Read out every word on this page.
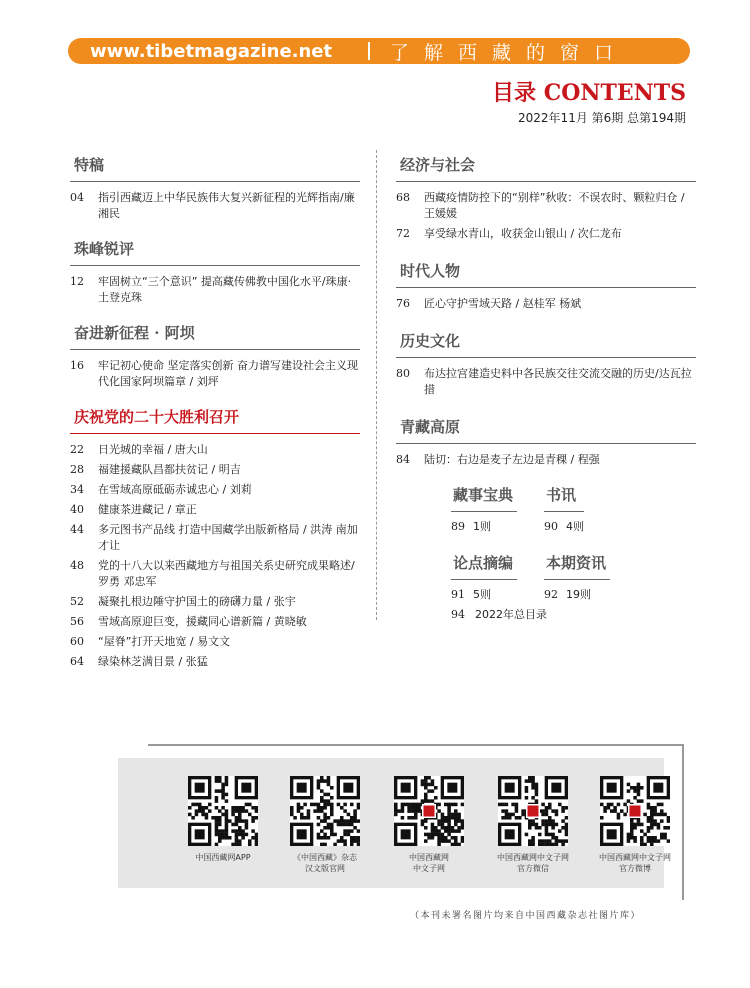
www.tibetmagazine.net	了解西藏的窗口
目录 CONTENTS
2022年11月 第6期 总第194期
特稿
04	指引西藏迈上中华民族伟大复兴新征程的光辉指南/廉湘民
珠峰锐评
12	牢固树立“三个意识” 提高藏传佛教中国化水平/珠康·土登克珠
奋进新征程 · 阿坝
16	牢记初心使命 坚定落实创新 奋力谱写建设社会主义现代化国家阿坝篇章 / 刘坪
庆祝党的二十大胜利召开
22	日光城的幸福 / 唐大山
28	福建援藏队昌都扶贫记 / 明吉
34	在雪域高原砥砺赤诚忠心 / 刘莉
40	健康茶进藏记 / 章正
44	多元图书产品线 打造中国藏学出版新格局 / 洪涛 南加才让
48	党的十八大以来西藏地方与祖国关系史研究成果略述/ 罗勇 邓忠军
52	凝聚扎根边陲守护国土的磅礴力量 / 张宇
56	雪域高原迎巨变，援藏同心谱新篇 / 黄晓敏
60	“屋脊”打开天地宽 / 易文文
64	绿染林芝满目景 / 张猛
经济与社会
68	西藏疫情防控下的“别样”秋收：不误农时、颗粒归仓 / 王媛媛
72	享受绿水青山，收获金山银山 / 次仁龙布
时代人物
76	匠心守护雪域天路 / 赵桂军 杨斌
历史文化
80	布达拉宫建造史料中各民族交往交流交融的历史/达瓦拉措
青藏高原
84	陆切：右边是麦子左边是青稞 / 程强
藏事宝典
89 1则
书讯
90 4则
论点摘编
91 5则
本期资讯
92 19则
94 2022年总目录
中国西藏网APP	《中国西藏》杂志
汉文版官网
中国西藏网
中文子网
中国西藏网中文子网
官方微信
中国西藏网中文子网
官方微博
（本刊未署名图片均来自中国西藏杂志社图片库）
